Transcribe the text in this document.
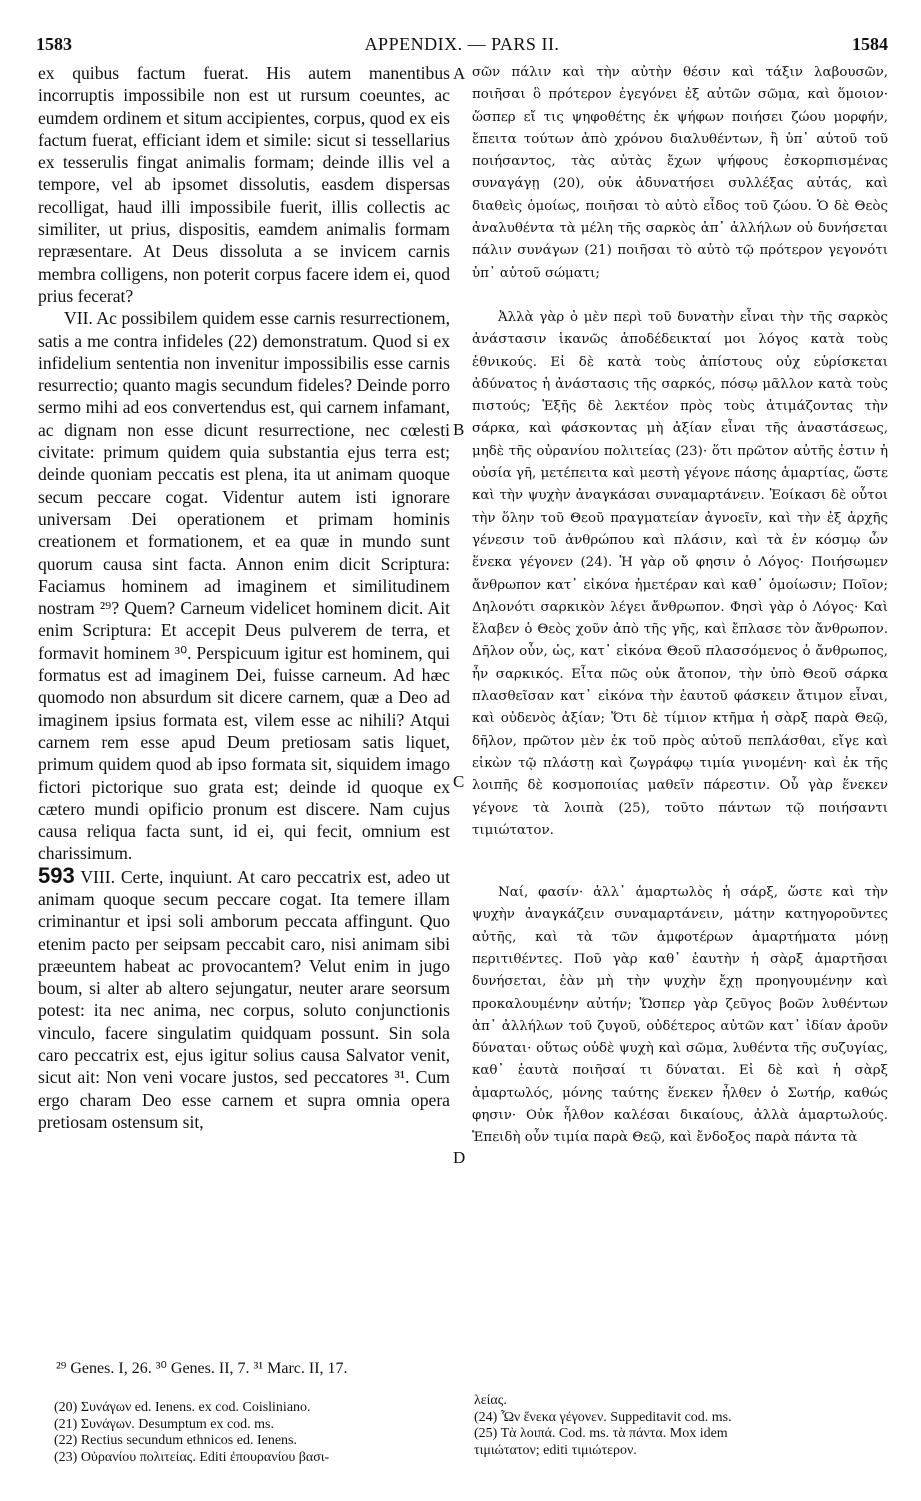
1583	APPENDIX. — PARS II.	1584

ex quibus factum fuerat. His autem manentibus incorruptis impossibile non est ut rursum coeuntes, ac eumdem ordinem et situm accipientes, corpus, quod ex eis factum fuerat, efficiant idem et simile: sicut si tessellarius ex tesserulis fingat animalis formam; deinde illis vel a tempore, vel ab ipsomet dissolutis, easdem dispersas recolligat, haud illi impossibile fuerit, illis collectis ac similiter, ut prius, dispositis, eamdem animalis formam repræsentare. At Deus dissoluta a se invicem carnis membra colligens, non poterit corpus facere idem ei, quod prius fecerat?

VII. Ac possibilem quidem esse carnis resurrectionem, satis a me contra infideles (22) demonstratum. Quod si ex infidelium sententia non invenitur impossibilis esse carnis resurrectio; quanto magis secundum fideles? Deinde porro sermo mihi ad eos convertendus est, qui carnem infamant, ac dignam non esse dicunt resurrectione, nec cœlesti civitate: primum quidem quia substantia ejus terra est; deinde quoniam peccatis est plena, ita ut animam quoque secum peccare cogat. Videntur autem isti ignorare universam Dei operationem et primam hominis creationem et formationem, et ea quæ in mundo sunt quorum causa sint facta. Annon enim dicit Scriptura: Faciamus hominem ad imaginem et similitudinem nostram ²⁹? Quem? Carneum videlicet hominem dicit. Ait enim Scriptura: Et accepit Deus pulverem de terra, et formavit hominem ³⁰. Perspicuum igitur est hominem, qui formatus est ad imaginem Dei, fuisse carneum. Ad hæc quomodo non absurdum sit dicere carnem, quæ a Deo ad imaginem ipsius formata est, vilem esse ac nihili? Atqui carnem rem esse apud Deum pretiosam satis liquet, primum quidem quod ab ipso formata sit, siquidem imago fictori pictorique suo grata est; deinde id quoque ex cætero mundi opificio pronum est discere. Nam cujus causa reliqua facta sunt, id ei, qui fecit, omnium est charissimum.

593 VIII. Certe, inquiunt. At caro peccatrix est, adeo ut animam quoque secum peccare cogat. Ita temere illam criminantur et ipsi soli amborum peccata affingunt. Quo etenim pacto per seipsam peccabit caro, nisi animam sibi præeuntem habeat ac provocantem? Velut enim in jugo boum, si alter ab altero sejungatur, neuter arare seorsum potest: ita nec anima, nec corpus, soluto conjunctionis vinculo, facere singulatim quidquam possunt. Sin sola caro peccatrix est, ejus igitur solius causa Salvator venit, sicut ait: Non veni vocare justos, sed peccatores ³¹. Cum ergo charam Deo esse carnem et supra omnia opera pretiosam ostensum sit,

A
B
C
D

σῶν πάλιν καὶ τὴν αὐτὴν θέσιν καὶ τάξιν λαβουσῶν, ποιῆσαι ὃ πρότερον ἐγεγόνει ἐξ αὐτῶν σῶμα, καὶ ὅμοιον· ὥσπερ εἴ τις ψηφοθέτης ἐκ ψήφων ποιήσει ζώου μορφήν, ἔπειτα τούτων ἀπὸ χρόνου διαλυθέντων, ἢ ὑπ᾽ αὐτοῦ τοῦ ποιήσαντος, τὰς αὐτὰς ἔχων ψήφους ἐσκορπισμένας συναγάγῃ (20), οὐκ ἀδυνατήσει συλλέξας αὐτάς, καὶ διαθεὶς ὁμοίως, ποιῆσαι τὸ αὐτὸ εἶδος τοῦ ζώου. Ὁ δὲ Θεὸς ἀναλυθέντα τὰ μέλη τῆς σαρκὸς ἀπ᾽ ἀλλήλων οὐ δυνήσεται πάλιν συνάγων (21) ποιῆσαι τὸ αὐτὸ τῷ πρότερον γεγονότι ὑπ᾽ αὐτοῦ σώματι;

Ἀλλὰ γὰρ ὁ μὲν περὶ τοῦ δυνατὴν εἶναι τὴν τῆς σαρκὸς ἀνάστασιν ἱκανῶς ἀποδέδεικταί μοι λόγος κατὰ τοὺς ἐθνικούς. Εἰ δὲ κατὰ τοὺς ἀπίστους οὐχ εὑρίσκεται ἀδύνατος ἡ ἀνάστασις τῆς σαρκός, πόσῳ μᾶλλον κατὰ τοὺς πιστούς; Ἑξῆς δὲ λεκτέον πρὸς τοὺς ἀτιμάζοντας τὴν σάρκα, καὶ φάσκοντας μὴ ἀξίαν εἶναι τῆς ἀναστάσεως, μηδὲ τῆς οὐρανίου πολιτείας (23)· ὅτι πρῶτον αὐτῆς ἐστιν ἡ οὐσία γῆ, μετέπειτα καὶ μεστὴ γέγονε πάσης ἁμαρτίας, ὥστε καὶ τὴν ψυχὴν ἀναγκάσαι συναμαρτάνειν. Ἐοίκασι δὲ οὗτοι τὴν ὅλην τοῦ Θεοῦ πραγματείαν ἀγνοεῖν, καὶ τὴν ἐξ ἀρχῆς γένεσιν τοῦ ἀνθρώπου καὶ πλάσιν, καὶ τὰ ἐν κόσμῳ ὧν ἕνεκα γέγονεν (24). Ἡ γὰρ οὔ φησιν ὁ Λόγος· Ποιήσωμεν ἄνθρωπον κατ᾽ εἰκόνα ἡμετέραν καὶ καθ᾽ ὁμοίωσιν; Ποῖον; Δηλονότι σαρκικὸν λέγει ἄνθρωπον. Φησὶ γὰρ ὁ Λόγος· Καὶ ἔλαβεν ὁ Θεὸς χοῦν ἀπὸ τῆς γῆς, καὶ ἔπλασε τὸν ἄνθρωπον. Δῆλον οὖν, ὡς, κατ᾽ εἰκόνα Θεοῦ πλασσόμενος ὁ ἄνθρωπος, ἦν σαρκικός. Εἶτα πῶς οὐκ ἄτοπον, τὴν ὑπὸ Θεοῦ σάρκα πλασθεῖσαν κατ᾽ εἰκόνα τὴν ἑαυτοῦ φάσκειν ἄτιμον εἶναι, καὶ οὐδενὸς ἀξίαν; Ὅτι δὲ τίμιον κτῆμα ἡ σὰρξ παρὰ Θεῷ, δῆλον, πρῶτον μὲν ἐκ τοῦ πρὸς αὐτοῦ πεπλάσθαι, εἴγε καὶ εἰκὼν τῷ πλάστῃ καὶ ζωγράφῳ τιμία γινομένη· καὶ ἐκ τῆς λοιπῆς δὲ κοσμοποιίας μαθεῖν πάρεστιν. Οὗ γὰρ ἕνεκεν γέγονε τὰ λοιπὰ (25), τοῦτο πάντων τῷ ποιήσαντι τιμιώτατον.

Ναί, φασίν· ἀλλ᾽ ἁμαρτωλὸς ἡ σάρξ, ὥστε καὶ τὴν ψυχὴν ἀναγκάζειν συναμαρτάνειν, μάτην κατηγοροῦντες αὐτῆς, καὶ τὰ τῶν ἀμφοτέρων ἁμαρτήματα μόνῃ περιτιθέντες. Ποῦ γὰρ καθ᾽ ἑαυτὴν ἡ σὰρξ ἁμαρτῆσαι δυνήσεται, ἐὰν μὴ τὴν ψυχὴν ἔχῃ προηγουμένην καὶ προκαλουμένην αὐτήν; Ὥσπερ γὰρ ζεῦγος βοῶν λυθέντων ἀπ᾽ ἀλλήλων τοῦ ζυγοῦ, οὐδέτερος αὐτῶν κατ᾽ ἰδίαν ἀροῦν δύναται· οὕτως οὐδὲ ψυχὴ καὶ σῶμα, λυθέντα τῆς συζυγίας, καθ᾽ ἑαυτὰ ποιῆσαί τι δύναται. Εἰ δὲ καὶ ἡ σὰρξ ἁμαρτωλός, μόνης ταύτης ἕνεκεν ἦλθεν ὁ Σωτήρ, καθώς φησιν· Οὐκ ἦλθον καλέσαι δικαίους, ἀλλὰ ἁμαρτωλούς. Ἐπειδὴ οὖν τιμία παρὰ Θεῷ, καὶ ἔνδοξος παρὰ πάντα τὰ

²⁹ Genes. I, 26. ³⁰ Genes. II, 7. ³¹ Marc. II, 17.
(20) Συνάγων ed. Ienens. ex cod. Coisliniano.
(21) Συνάγων. Desumptum ex cod. ms.
(22) Rectius secundum ethnicos ed. Ienens.
(23) Οὐρανίου πολιτείας. Editi ἐπουρανίου βασι-
λείας.
(24) Ὧν ἕνεκα γέγονεν. Suppeditavit cod. ms.
(25) Τὰ λοιπά. Cod. ms. τὰ πάντα. Mox idem
τιμιώτατον; editi τιμιώτερον.
